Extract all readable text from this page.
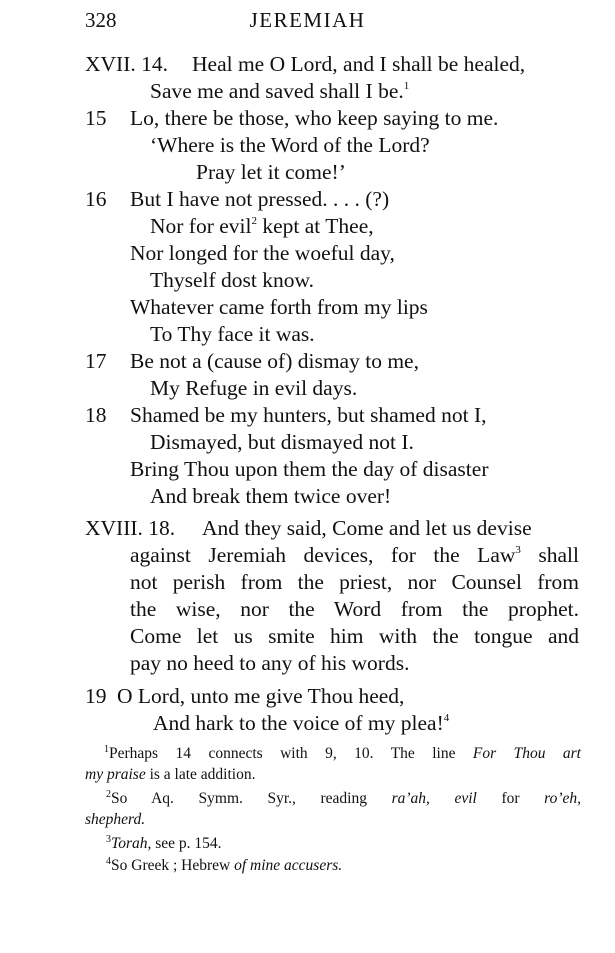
328	JEREMIAH
XVII. 14. Heal me O Lord, and I shall be healed,
Save me and saved shall I be.$^1$
15 Lo, there be those, who keep saying to me.
‘Where is the Word of the Lord?
Pray let it come!’
16 But I have not pressed. . . . (?)
Nor for evil$^2$ kept at Thee,
Nor longed for the woeful day,
Thyself dost know.
Whatever came forth from my lips
To Thy face it was.
17 Be not a (cause of) dismay to me,
My Refuge in evil days.
18 Shamed be my hunters, but shamed not I,
Dismayed, but dismayed not I.
Bring Thou upon them the day of disaster
And break them twice over!
XVIII. 18. And they said, Come and let us devise
against Jeremiah devices, for the Law$^3$ shall
not perish from the priest, nor Counsel from
the wise, nor the Word from the prophet.
Come let us smite him with the tongue and
pay no heed to any of his words.
19 O Lord, unto me give Thou heed,
And hark to the voice of my plea!$^4$
$^1$Perhaps 14 connects with 9, 10. The line For Thou art
my praise is a late addition.
$^2$So Aq. Symm. Syr., reading ra’ah, evil for ro’eh,
shepherd.
$^3$Torah, see p. 154.
$^4$So Greek ; Hebrew of mine accusers.
